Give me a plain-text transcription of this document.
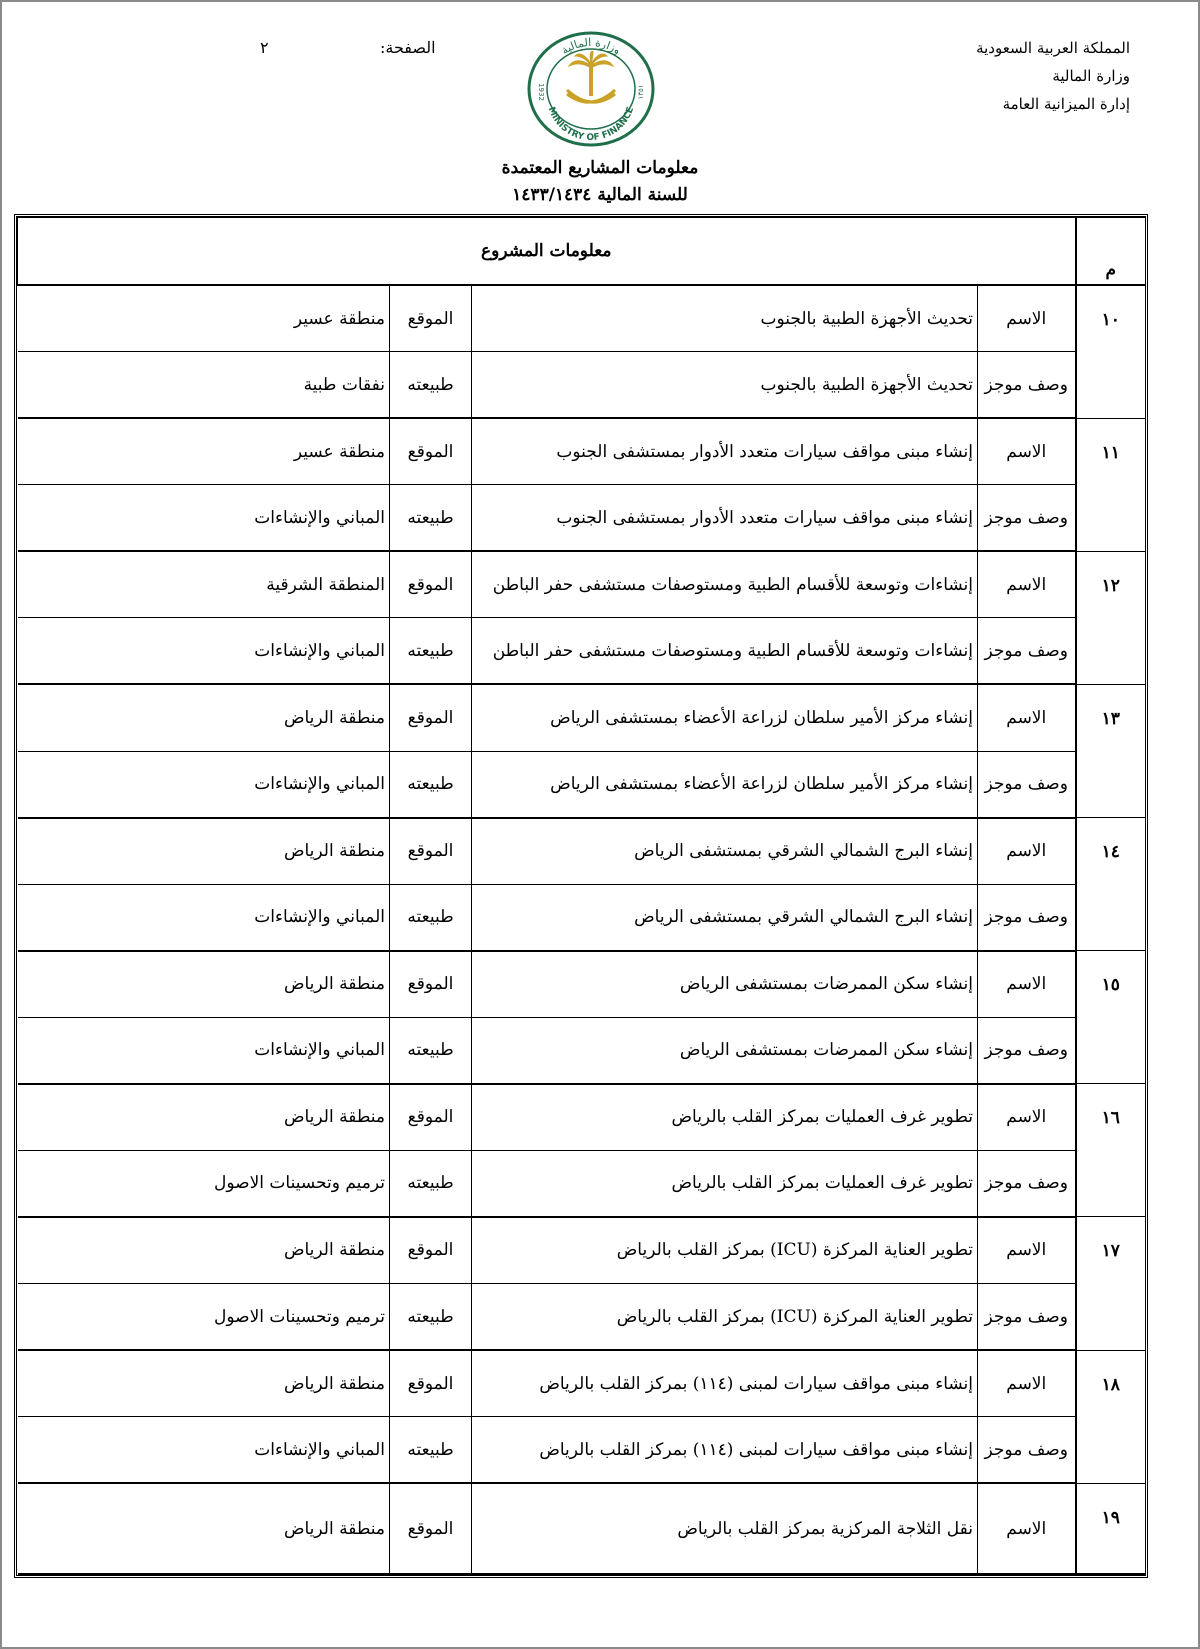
المملكة العربية السعودية
وزارة المالية
إدارة الميزانية العامة
الصفحة:
٢	وزارة المالية
MINISTRY OF FINANCE
1932	١٣٥١
معلومات المشاريع المعتمدة
للسنة المالية ١٤٣٣/١٤٣٤
م	معلومات المشروع			
١٠	الاسم	تحديث الأجهزة الطبية بالجنوب	الموقع	منطقة عسير
	وصف موجز	تحديث الأجهزة الطبية بالجنوب	طبيعته	نفقات طبية
١١	الاسم	إنشاء مبنى مواقف سيارات متعدد الأدوار بمستشفى الجنوب	الموقع	منطقة عسير
	وصف موجز	إنشاء مبنى مواقف سيارات متعدد الأدوار بمستشفى الجنوب	طبيعته	المباني والإنشاءات
١٢	الاسم	إنشاءات وتوسعة للأقسام الطبية ومستوصفات مستشفى حفر الباطن	الموقع	المنطقة الشرقية
	وصف موجز	إنشاءات وتوسعة للأقسام الطبية ومستوصفات مستشفى حفر الباطن	طبيعته	المباني والإنشاءات
١٣	الاسم	إنشاء مركز الأمير سلطان لزراعة الأعضاء بمستشفى الرياض	الموقع	منطقة الرياض
	وصف موجز	إنشاء مركز الأمير سلطان لزراعة الأعضاء بمستشفى الرياض	طبيعته	المباني والإنشاءات
١٤	الاسم	إنشاء البرج الشمالي الشرقي بمستشفى الرياض	الموقع	منطقة الرياض
	وصف موجز	إنشاء البرج الشمالي الشرقي بمستشفى الرياض	طبيعته	المباني والإنشاءات
١٥	الاسم	إنشاء سكن الممرضات بمستشفى الرياض	الموقع	منطقة الرياض
	وصف موجز	إنشاء سكن الممرضات بمستشفى الرياض	طبيعته	المباني والإنشاءات
١٦	الاسم	تطوير غرف العمليات بمركز القلب بالرياض	الموقع	منطقة الرياض
	وصف موجز	تطوير غرف العمليات بمركز القلب بالرياض	طبيعته	ترميم وتحسينات الاصول
١٧	الاسم	تطوير العناية المركزة (ICU) بمركز القلب بالرياض	الموقع	منطقة الرياض
	وصف موجز	تطوير العناية المركزة (ICU) بمركز القلب بالرياض	طبيعته	ترميم وتحسينات الاصول
١٨	الاسم	إنشاء مبنى مواقف سيارات لمبنى (١١٤) بمركز القلب بالرياض	الموقع	منطقة الرياض
	وصف موجز	إنشاء مبنى مواقف سيارات لمبنى (١١٤) بمركز القلب بالرياض	طبيعته	المباني والإنشاءات
١٩	الاسم	نقل الثلاجة المركزية بمركز القلب بالرياض	الموقع	منطقة الرياض
